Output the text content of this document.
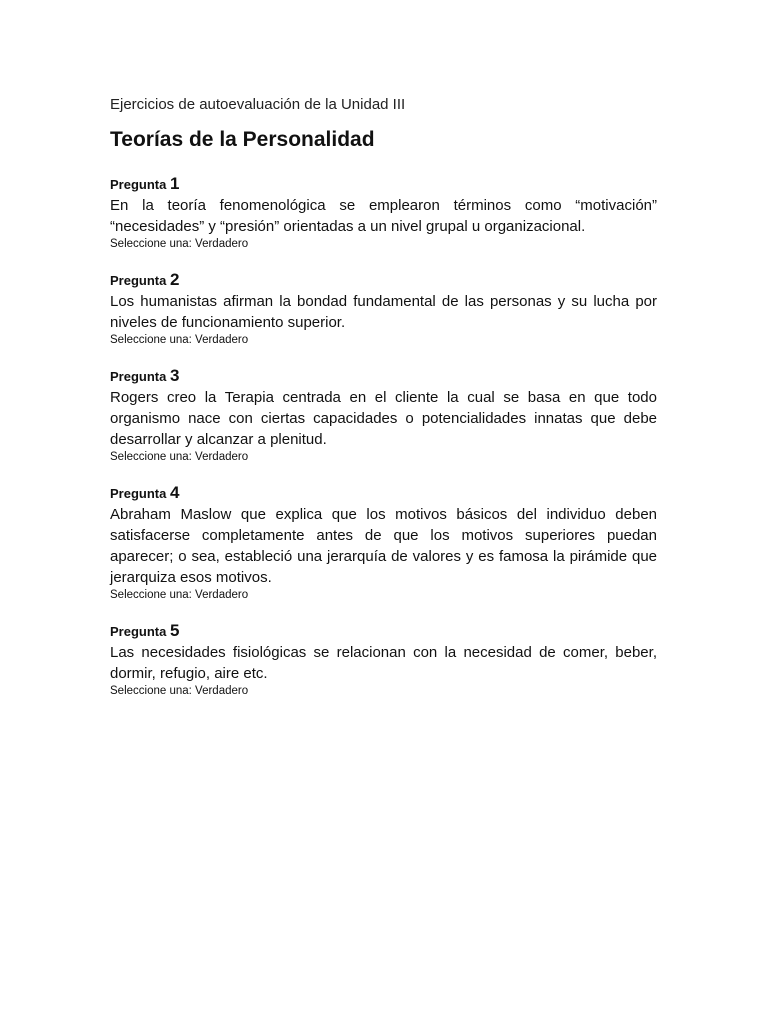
Ejercicios de autoevaluación de la Unidad III

Teorías de la Personalidad

Pregunta 1

En la teoría fenomenológica se emplearon términos como “motivación” “necesidades” y “presión” orientadas a un nivel grupal u organizacional.

Seleccione una: Verdadero

Pregunta 2

Los humanistas afirman la bondad fundamental de las personas y su lucha por niveles de funcionamiento superior.

Seleccione una: Verdadero

Pregunta 3

Rogers creo la Terapia centrada en el cliente la cual se basa en que todo organismo nace con ciertas capacidades o potencialidades innatas que debe desarrollar y alcanzar a plenitud.

Seleccione una: Verdadero

Pregunta 4

Abraham Maslow que explica que los motivos básicos del individuo deben satisfacerse completamente antes de que los motivos superiores puedan aparecer; o sea, estableció una jerarquía de valores y es famosa la pirámide que jerarquiza esos motivos.

Seleccione una: Verdadero

Pregunta 5

Las necesidades fisiológicas se relacionan con la necesidad de comer, beber, dormir, refugio, aire etc.

Seleccione una: Verdadero
